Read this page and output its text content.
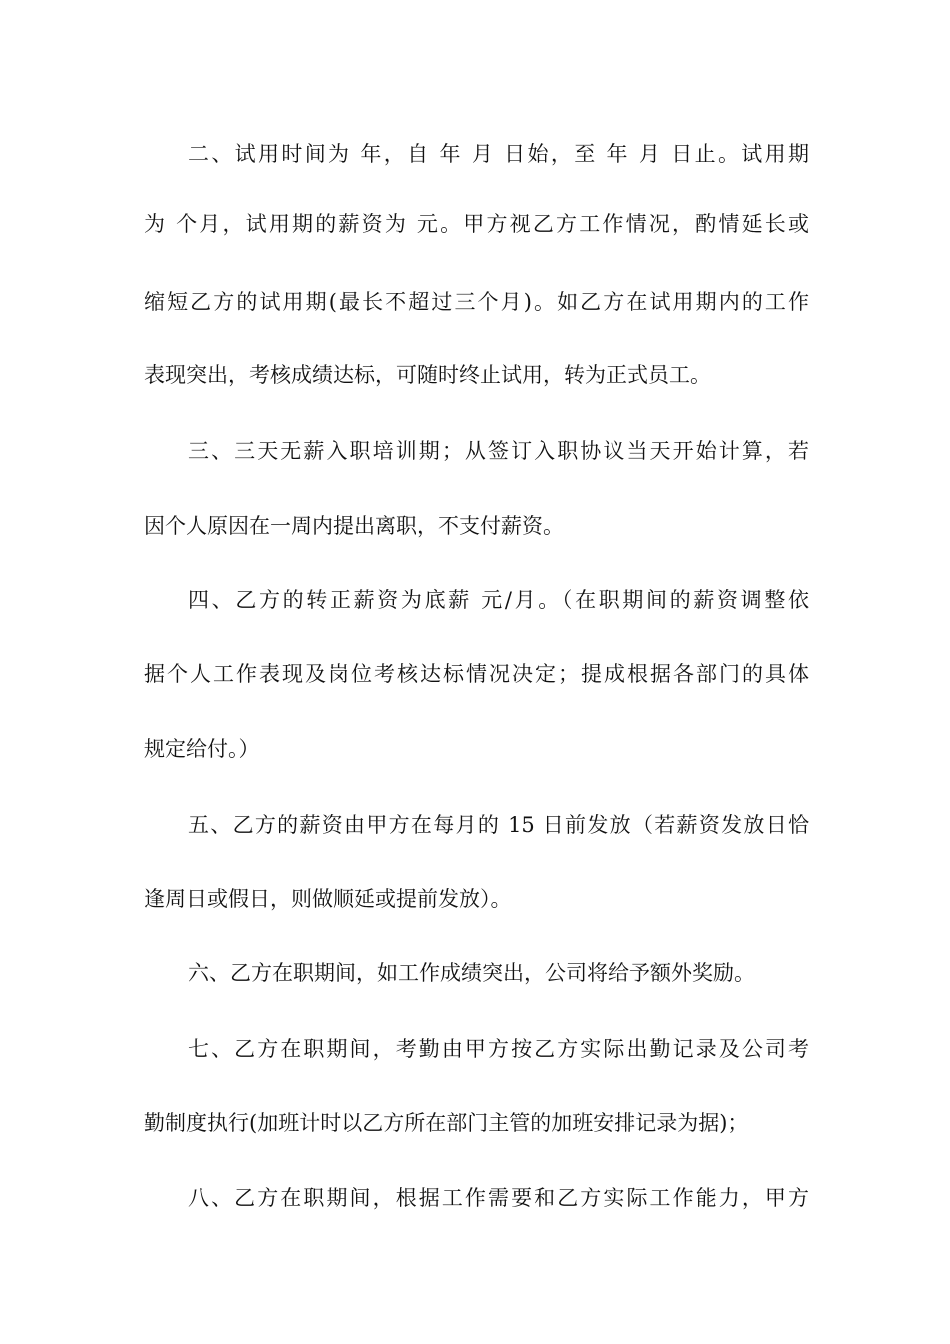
二、试用时间为 年，自 年 月 日始，至 年 月 日止。试用期
为 个月，试用期的薪资为 元。甲方视乙方工作情况，酌情延长或
缩短乙方的试用期(最长不超过三个月)。如乙方在试用期内的工作
表现突出，考核成绩达标，可随时终止试用，转为正式员工。
三、三天无薪入职培训期；从签订入职协议当天开始计算，若
因个人原因在一周内提出离职，不支付薪资。
四、乙方的转正薪资为底薪 元/月。（在职期间的薪资调整依
据个人工作表现及岗位考核达标情况决定；提成根据各部门的具体
规定给付。）
五、乙方的薪资由甲方在每月的 15 日前发放（若薪资发放日恰
逢周日或假日，则做顺延或提前发放）。
六、乙方在职期间，如工作成绩突出，公司将给予额外奖励。
七、乙方在职期间，考勤由甲方按乙方实际出勤记录及公司考
勤制度执行(加班计时以乙方所在部门主管的加班安排记录为据)；
八、乙方在职期间，根据工作需要和乙方实际工作能力，甲方
